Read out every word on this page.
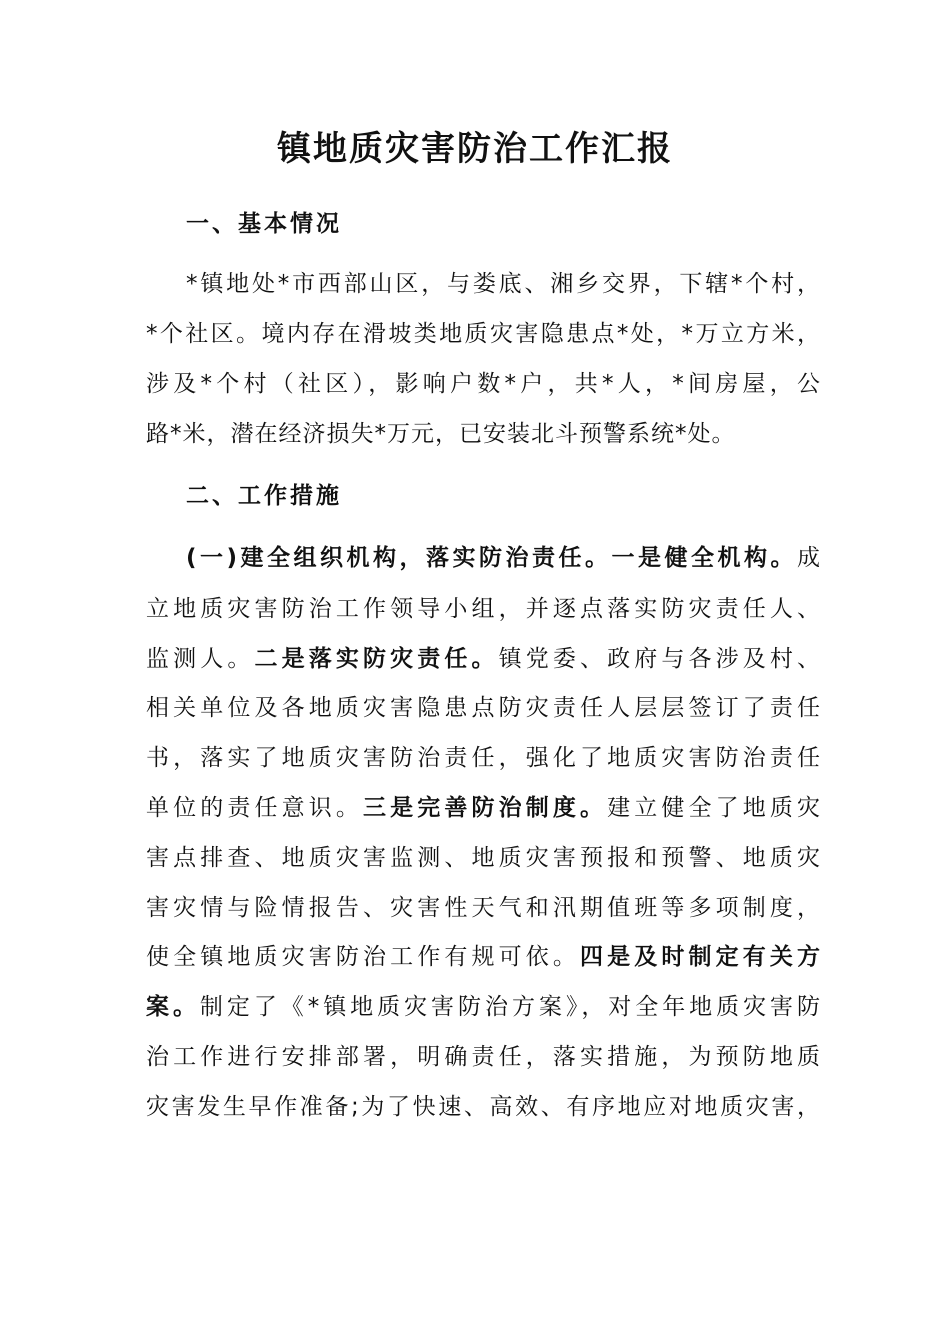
镇地质灾害防治工作汇报
一、基本情况
*镇地处*市西部山区，与娄底、湘乡交界，下辖*个村，
*个社区。境内存在滑坡类地质灾害隐患点*处，*万立方米，
涉及*个村（社区），影响户数*户，共*人，*间房屋，公
路*米，潜在经济损失*万元，已安装北斗预警系统*处。
二、工作措施
(一)建全组织机构，落实防治责任。一是健全机构。成
立地质灾害防治工作领导小组，并逐点落实防灾责任人、
监测人。二是落实防灾责任。镇党委、政府与各涉及村、
相关单位及各地质灾害隐患点防灾责任人层层签订了责任
书，落实了地质灾害防治责任，强化了地质灾害防治责任
单位的责任意识。三是完善防治制度。建立健全了地质灾
害点排查、地质灾害监测、地质灾害预报和预警、地质灾
害灾情与险情报告、灾害性天气和汛期值班等多项制度，
使全镇地质灾害防治工作有规可依。四是及时制定有关方
案。制定了《*镇地质灾害防治方案》，对全年地质灾害防
治工作进行安排部署，明确责任，落实措施，为预防地质
灾害发生早作准备;为了快速、高效、有序地应对地质灾害，
